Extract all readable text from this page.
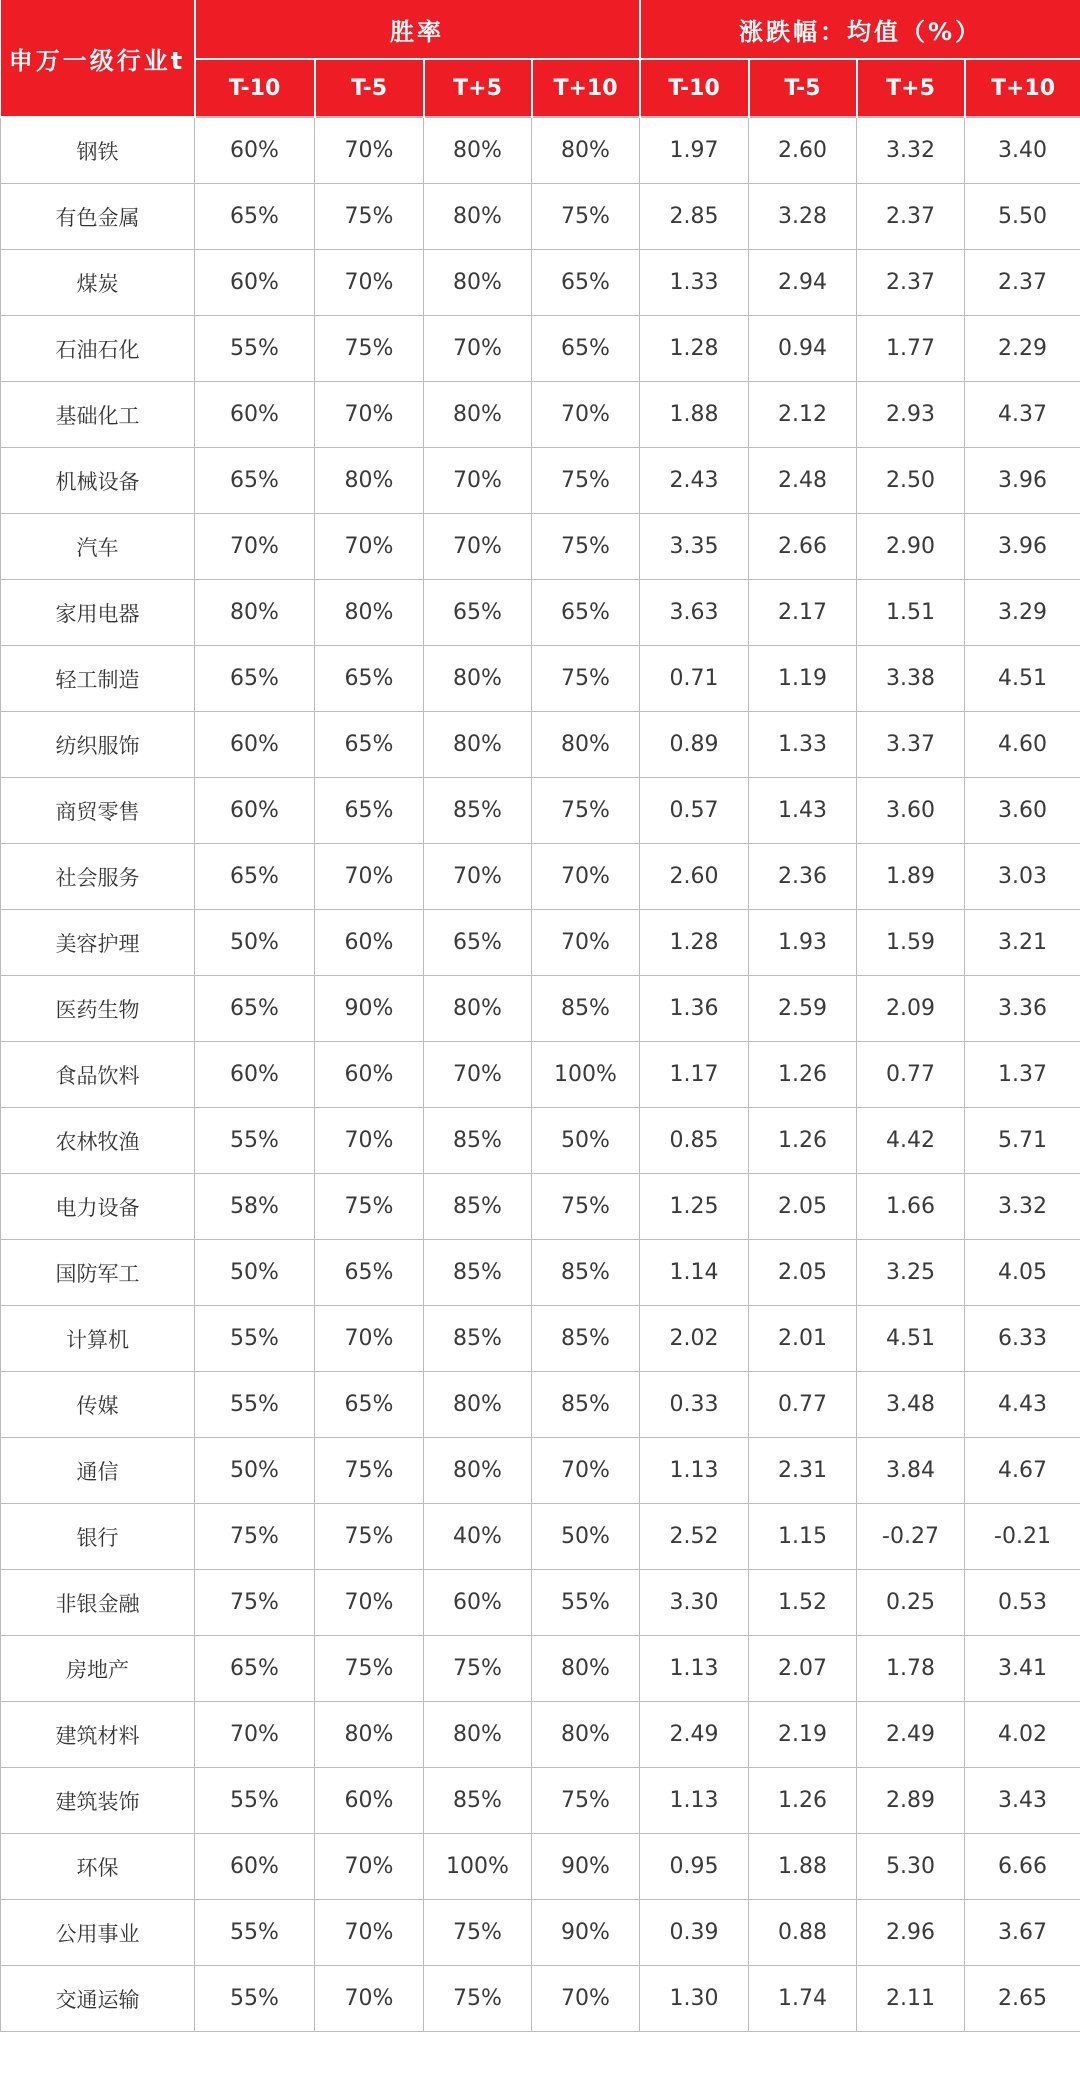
申万一级行业t	胜率				涨跌幅：均值（%）			
	T-10	T-5	T+5	T+10	T-10	T-5	T+5	T+10
钢铁	60%	70%	80%	80%	1.97	2.60	3.32	3.40
有色金属	65%	75%	80%	75%	2.85	3.28	2.37	5.50
煤炭	60%	70%	80%	65%	1.33	2.94	2.37	2.37
石油石化	55%	75%	70%	65%	1.28	0.94	1.77	2.29
基础化工	60%	70%	80%	70%	1.88	2.12	2.93	4.37
机械设备	65%	80%	70%	75%	2.43	2.48	2.50	3.96
汽车	70%	70%	70%	75%	3.35	2.66	2.90	3.96
家用电器	80%	80%	65%	65%	3.63	2.17	1.51	3.29
轻工制造	65%	65%	80%	75%	0.71	1.19	3.38	4.51
纺织服饰	60%	65%	80%	80%	0.89	1.33	3.37	4.60
商贸零售	60%	65%	85%	75%	0.57	1.43	3.60	3.60
社会服务	65%	70%	70%	70%	2.60	2.36	1.89	3.03
美容护理	50%	60%	65%	70%	1.28	1.93	1.59	3.21
医药生物	65%	90%	80%	85%	1.36	2.59	2.09	3.36
食品饮料	60%	60%	70%	100%	1.17	1.26	0.77	1.37
农林牧渔	55%	70%	85%	50%	0.85	1.26	4.42	5.71
电力设备	58%	75%	85%	75%	1.25	2.05	1.66	3.32
国防军工	50%	65%	85%	85%	1.14	2.05	3.25	4.05
计算机	55%	70%	85%	85%	2.02	2.01	4.51	6.33
传媒	55%	65%	80%	85%	0.33	0.77	3.48	4.43
通信	50%	75%	80%	70%	1.13	2.31	3.84	4.67
银行	75%	75%	40%	50%	2.52	1.15	-0.27	-0.21
非银金融	75%	70%	60%	55%	3.30	1.52	0.25	0.53
房地产	65%	75%	75%	80%	1.13	2.07	1.78	3.41
建筑材料	70%	80%	80%	80%	2.49	2.19	2.49	4.02
建筑装饰	55%	60%	85%	75%	1.13	1.26	2.89	3.43
环保	60%	70%	100%	90%	0.95	1.88	5.30	6.66
公用事业	55%	70%	75%	90%	0.39	0.88	2.96	3.67
交通运输	55%	70%	75%	70%	1.30	1.74	2.11	2.65
